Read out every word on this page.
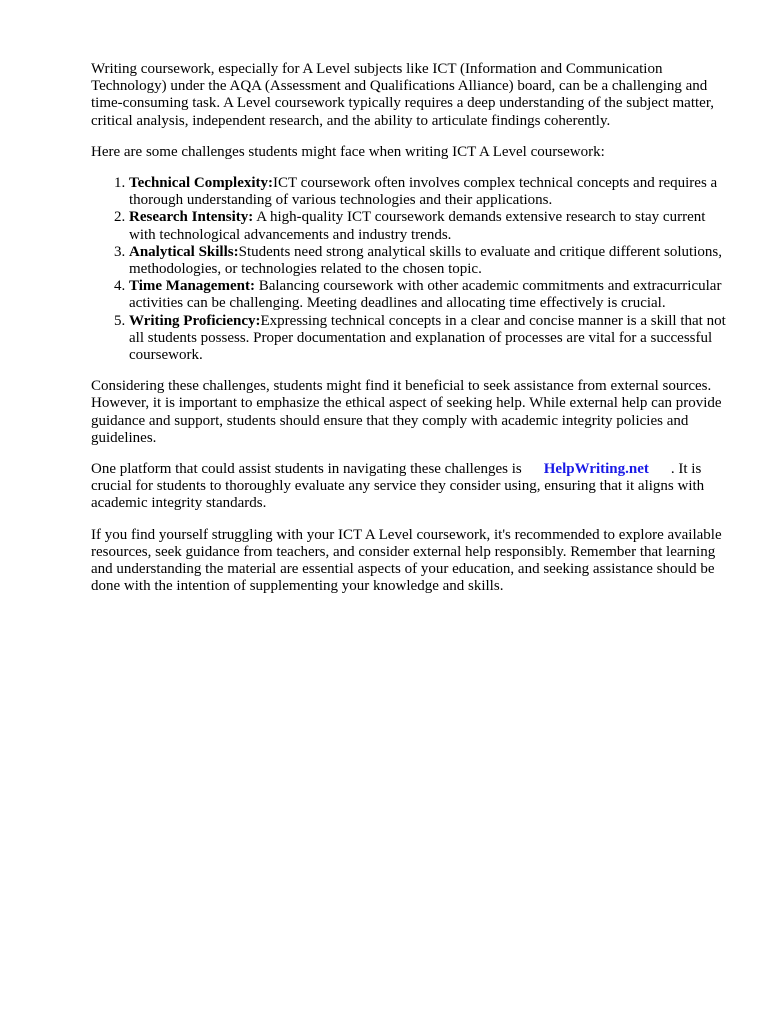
Writing coursework, especially for A Level subjects like ICT (Information and Communication Technology) under the AQA (Assessment and Qualifications Alliance) board, can be a challenging and time-consuming task. A Level coursework typically requires a deep understanding of the subject matter, critical analysis, independent research, and the ability to articulate findings coherently.

Here are some challenges students might face when writing ICT A Level coursework:

1. Technical Complexity:ICT coursework often involves complex technical concepts and requires a thorough understanding of various technologies and their applications.
2. Research Intensity: A high-quality ICT coursework demands extensive research to stay current with technological advancements and industry trends.
3. Analytical Skills:Students need strong analytical skills to evaluate and critique different solutions, methodologies, or technologies related to the chosen topic.
4. Time Management: Balancing coursework with other academic commitments and extracurricular activities can be challenging. Meeting deadlines and allocating time effectively is crucial.
5. Writing Proficiency:Expressing technical concepts in a clear and concise manner is a skill that not all students possess. Proper documentation and explanation of processes are vital for a successful coursework.

Considering these challenges, students might find it beneficial to seek assistance from external sources. However, it is important to emphasize the ethical aspect of seeking help. While external help can provide guidance and support, students should ensure that they comply with academic integrity policies and guidelines.

One platform that could assist students in navigating these challenges is HelpWriting.net . It is crucial for students to thoroughly evaluate any service they consider using, ensuring that it aligns with academic integrity standards.

If you find yourself struggling with your ICT A Level coursework, it's recommended to explore available resources, seek guidance from teachers, and consider external help responsibly. Remember that learning and understanding the material are essential aspects of your education, and seeking assistance should be done with the intention of supplementing your knowledge and skills.
